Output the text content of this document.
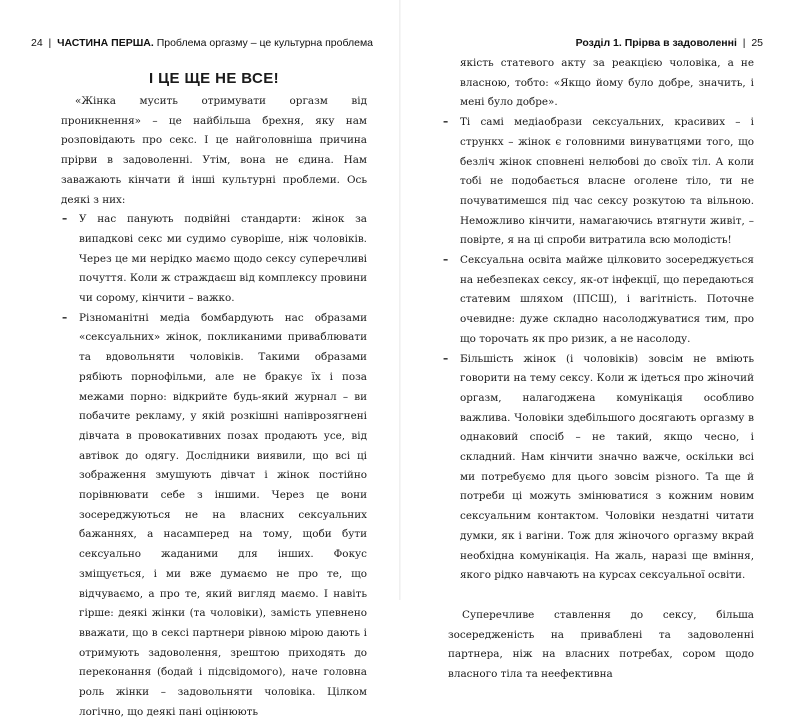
24  |  ЧАСТИНА ПЕРША. Проблема оргазму – це культурна проблема
І ЦЕ ЩЕ НЕ ВСЕ!

«Жінка мусить отримувати оргазм від проникнення» – це найбільша брехня, яку нам розповідають про секс. І це найголовніша причина прірви в задоволенні. Утім, вона не єдина. Нам заважають кінчати й інші культурні проблеми. Ось деякі з них:

– У нас панують подвійні стандарти: жінок за випадкові секс ми судимо суворіше, ніж чоловіків. Через це ми нерідко маємо щодо сексу суперечливі почуття. Коли ж страждаєш від комплексу провини чи сорому, кінчити – важко.
– Різноманітні медіа бомбардують нас образами «сексуальних» жінок, покликаними приваблювати та вдовольняти чоловіків. Такими образами рябіють порнофільми, але не бракує їх і поза межами порно: відкрийте будь-який журнал – ви побачите рекламу, у якій розкішні напіврозягнені дівчата в провокативних позах продають усе, від автівок до одягу. Дослідники виявили, що всі ці зображення змушують дівчат і жінок постійно порівнювати себе з іншими. Через це вони зосереджуються не на власних сексуальних бажаннях, а насамперед на тому, щоби бути сексуально жаданими для інших. Фокус зміщується, і ми вже думаємо не про те, що відчуваємо, а про те, який вигляд маємо. І навіть гірше: деякі жінки (та чоловіки), замість упевнено вважати, що в сексі партнери рівною мірою дають і отримують задоволення, зрештою приходять до переконання (бодай і підсвідомого), наче головна роль жінки – задовольняти чоловіка. Цілком логічно, що деякі пані оцінюють
Розділ 1. Прірва в задоволенні  |  25
якість статевого акту за реакцією чоловіка, а не власною, тобто: «Якщо йому було добре, значить, і мені було добре».
– Ті самі медіаобрази сексуальних, красивих – і стрункх – жінок є головними винуватцями того, що безліч жінок сповнені нелюбові до своїх тіл. А коли тобі не подобається власне оголене тіло, ти не почуватимешся під час сексу розкутою та вільною. Неможливо кінчити, намагаючись втягнути живіт, – повірте, я на ці спроби витратила всю молодість!
– Сексуальна освіта майже цілковито зосереджується на небезпеках сексу, як-от інфекції, що передаються статевим шляхом (ІПСШ), і вагітність. Поточне очевидне: дуже складно насолоджуватися тим, про що торочать як про ризик, а не насолоду.
– Більшість жінок (і чоловіків) зовсім не вміють говорити на тему сексу. Коли ж ідеться про жіночий оргазм, налагоджена комунікація особливо важлива. Чоловіки здебільшого досягають оргазму в однаковий спосіб – не такий, якщо чесно, і складний. Нам кінчити значно важче, оскільки всі ми потребуємо для цього зовсім різного. Та ще й потреби ці можуть змінюватися з кожним новим сексуальним контактом. Чоловіки нездатні читати думки, як і вагіни. Тож для жіночого оргазму вкрай необхідна комунікація. На жаль, наразі ще вміння, якого рідко навчають на курсах сексуальної освіти.

Суперечливе ставлення до сексу, більша зосередженість на приваблені та задоволенні партнера, ніж на власних потребах, сором щодо власного тіла та неефективна
